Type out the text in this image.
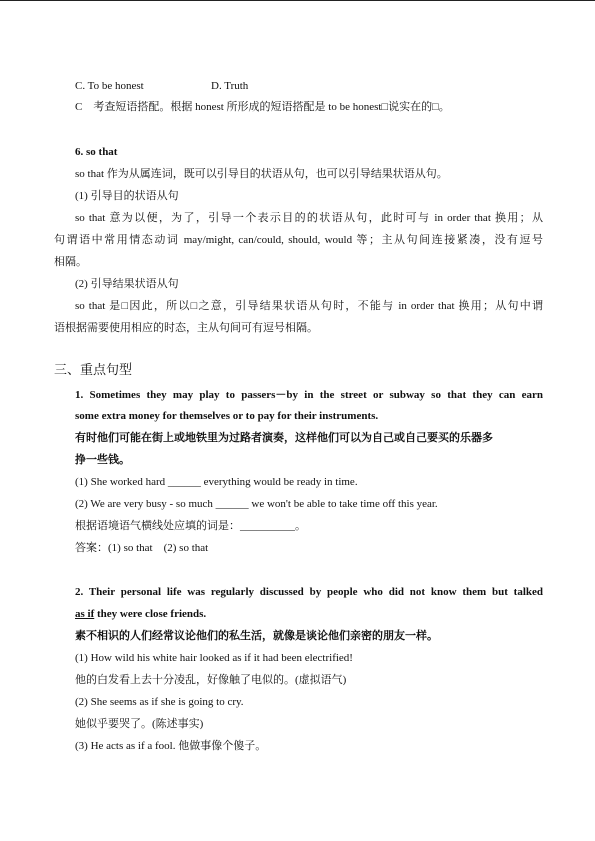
C. To be honest	D. Truth
C　考查短语搭配。根据 honest 所形成的短语搭配是 to be honest□说实在的□。
6. so that
so that 作为从属连词，既可以引导目的状语从句，也可以引导结果状语从句。
(1) 引导目的状语从句
so that 意为以便，为了，引导一个表示目的的状语从句，此时可与 in order that 换用；从
句谓语中常用情态动词 may/might, can/could, should, would 等；主从句间连接紧凑，没有逗号
相隔。
(2) 引导结果状语从句
so that 是□因此，所以□之意，引导结果状语从句时，不能与 in order that 换用；从句中谓
语根据需要使用相应的时态，主从句间可有逗号相隔。
三、重点句型
1. Sometimes they may play to passers－by in the street or subway so that they can earn
some extra money for themselves or to pay for their instruments.
有时他们可能在街上或地铁里为过路者演奏，这样他们可以为自己或自己要买的乐器多
挣一些钱。
(1) She worked hard ______ everything would be ready in time.
(2) We are very busy - so much ______ we won't be able to take time off this year.
根据语境语气横线处应填的词是：__________。
答案：(1) so that　(2) so that
2. Their personal life was regularly discussed by people who did not know them but talked
as if they were close friends.
素不相识的人们经常议论他们的私生活，就像是谈论他们亲密的朋友一样。
(1) How wild his white hair looked as if it had been electrified!
他的白发看上去十分凌乱，好像触了电似的。(虚拟语气)
(2) She seems as if she is going to cry.
她似乎要哭了。(陈述事实)
(3) He acts as if a fool. 他做事像个傻子。
